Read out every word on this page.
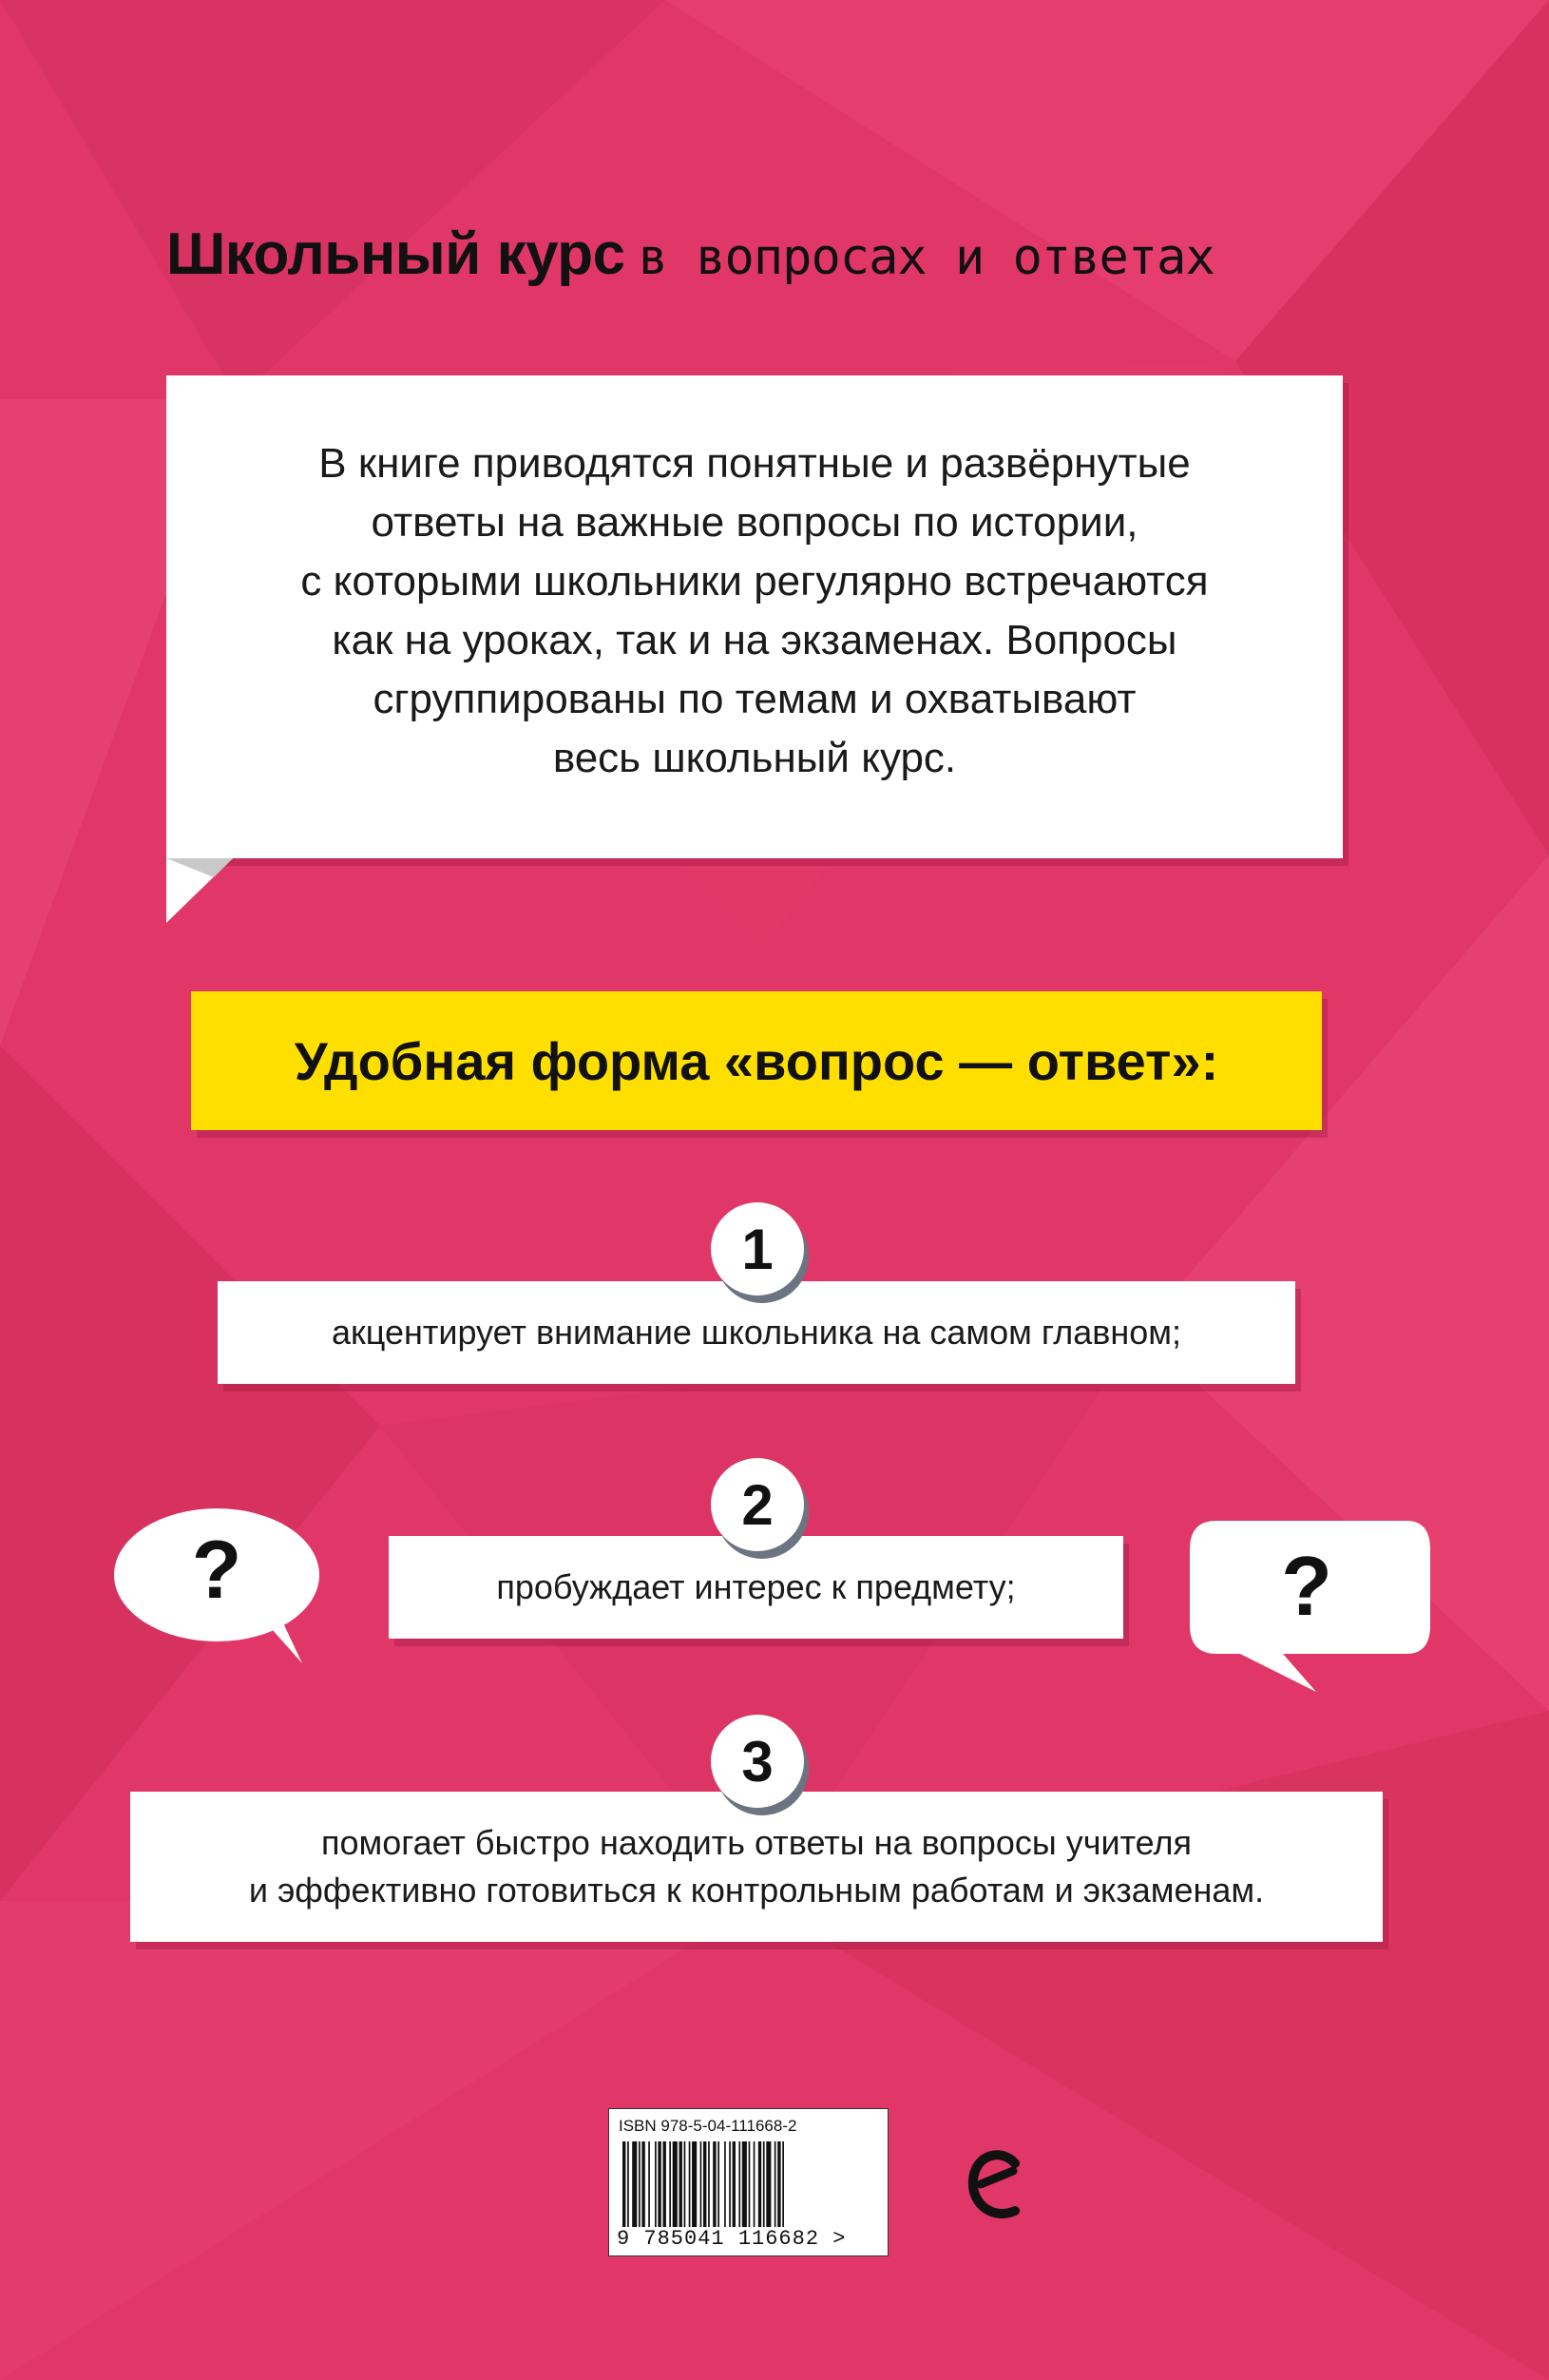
Школьный курс в вопросах и ответах
В книге приводятся понятные и развёрнутые
ответы на важные вопросы по истории,
с которыми школьники регулярно встречаются
как на уроках, так и на экзаменах. Вопросы
сгруппированы по темам и охватывают
весь школьный курс.
Удобная форма «вопрос — ответ»:
акцентирует внимание школьника на самом главном;
1
пробуждает интерес к предмету;
2
помогает быстро находить ответы на вопросы учителя
и эффективно готовиться к контрольным работам и экзаменам.
3
?	?
ISBN 978-5-04-111668-2
9 785041 116682 >
